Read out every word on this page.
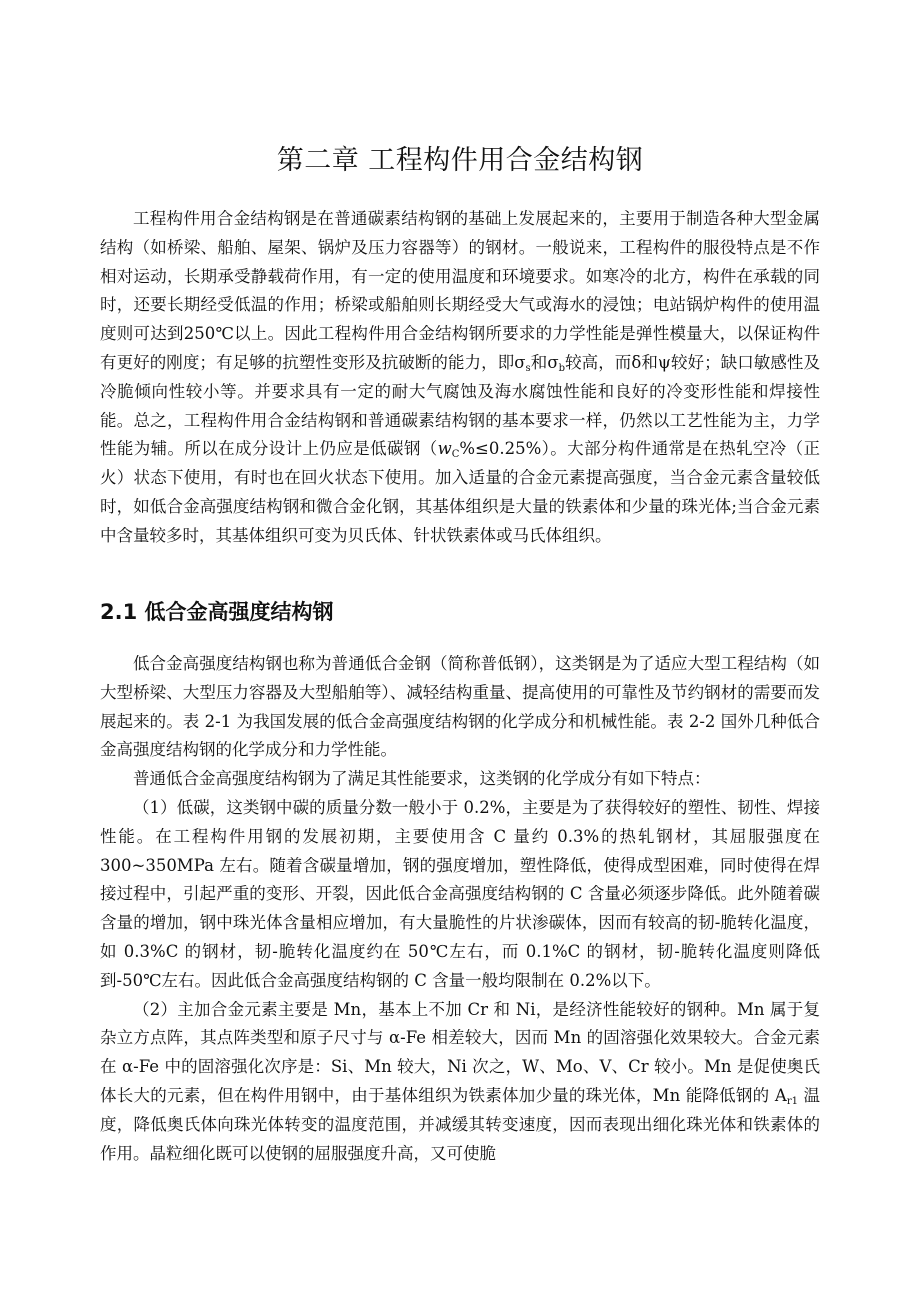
第二章 工程构件用合金结构钢

工程构件用合金结构钢是在普通碳素结构钢的基础上发展起来的，主要用于制造各种大型金属结构（如桥梁、船舶、屋架、锅炉及压力容器等）的钢材。一般说来，工程构件的服役特点是不作相对运动，长期承受静载荷作用，有一定的使用温度和环境要求。如寒冷的北方，构件在承载的同时，还要长期经受低温的作用；桥梁或船舶则长期经受大气或海水的浸蚀；电站锅炉构件的使用温度则可达到250℃以上。因此工程构件用合金结构钢所要求的力学性能是弹性模量大，以保证构件有更好的刚度；有足够的抗塑性变形及抗破断的能力，即$\sigma_s$和$\sigma_b$较高，而δ和ψ较好；缺口敏感性及冷脆倾向性较小等。并要求具有一定的耐大气腐蚀及海水腐蚀性能和良好的冷变形性能和焊接性能。总之，工程构件用合金结构钢和普通碳素结构钢的基本要求一样，仍然以工艺性能为主，力学性能为辅。所以在成分设计上仍应是低碳钢$(w_C\%\le 0.25\%)$。大部分构件通常是在热轧空冷（正火）状态下使用，有时也在回火状态下使用。加入适量的合金元素提高强度，当合金元素含量较低时，如低合金高强度结构钢和微合金化钢，其基体组织是大量的铁素体和少量的珠光体;当合金元素中含量较多时，其基体组织可变为贝氏体、针状铁素体或马氏体组织。

2.1 低合金高强度结构钢

低合金高强度结构钢也称为普通低合金钢（简称普低钢），这类钢是为了适应大型工程结构（如大型桥梁、大型压力容器及大型船舶等）、减轻结构重量、提高使用的可靠性及节约钢材的需要而发展起来的。表 2-1 为我国发展的低合金高强度结构钢的化学成分和机械性能。表 2-2 国外几种低合金高强度结构钢的化学成分和力学性能。

普通低合金高强度结构钢为了满足其性能要求，这类钢的化学成分有如下特点：

（1）低碳，这类钢中碳的质量分数一般小于 0.2%，主要是为了获得较好的塑性、韧性、焊接性能。在工程构件用钢的发展初期，主要使用含 C 量约 0.3%的热轧钢材，其屈服强度在 300~350MPa 左右。随着含碳量增加，钢的强度增加，塑性降低，使得成型困难，同时使得在焊接过程中，引起严重的变形、开裂，因此低合金高强度结构钢的 C 含量必须逐步降低。此外随着碳含量的增加，钢中珠光体含量相应增加，有大量脆性的片状渗碳体，因而有较高的韧-脆转化温度，如 0.3%C 的钢材，韧-脆转化温度约在 50℃左右，而 0.1%C 的钢材，韧-脆转化温度则降低到-50℃左右。因此低合金高强度结构钢的 C 含量一般均限制在 0.2%以下。

（2）主加合金元素主要是 Mn，基本上不加 Cr 和 Ni，是经济性能较好的钢种。Mn 属于复杂立方点阵，其点阵类型和原子尺寸与 α-Fe 相差较大，因而 Mn 的固溶强化效果较大。合金元素在 α-Fe 中的固溶强化次序是：Si、Mn 较大，Ni 次之，W、Mo、V、Cr 较小。Mn 是促使奥氏体长大的元素，但在构件用钢中，由于基体组织为铁素体加少量的珠光体，Mn 能降低钢的 $A_{r1}$ 温度，降低奥氏体向珠光体转变的温度范围，并减缓其转变速度，因而表现出细化珠光体和铁素体的作用。晶粒细化既可以使钢的屈服强度升高，又可使脆
